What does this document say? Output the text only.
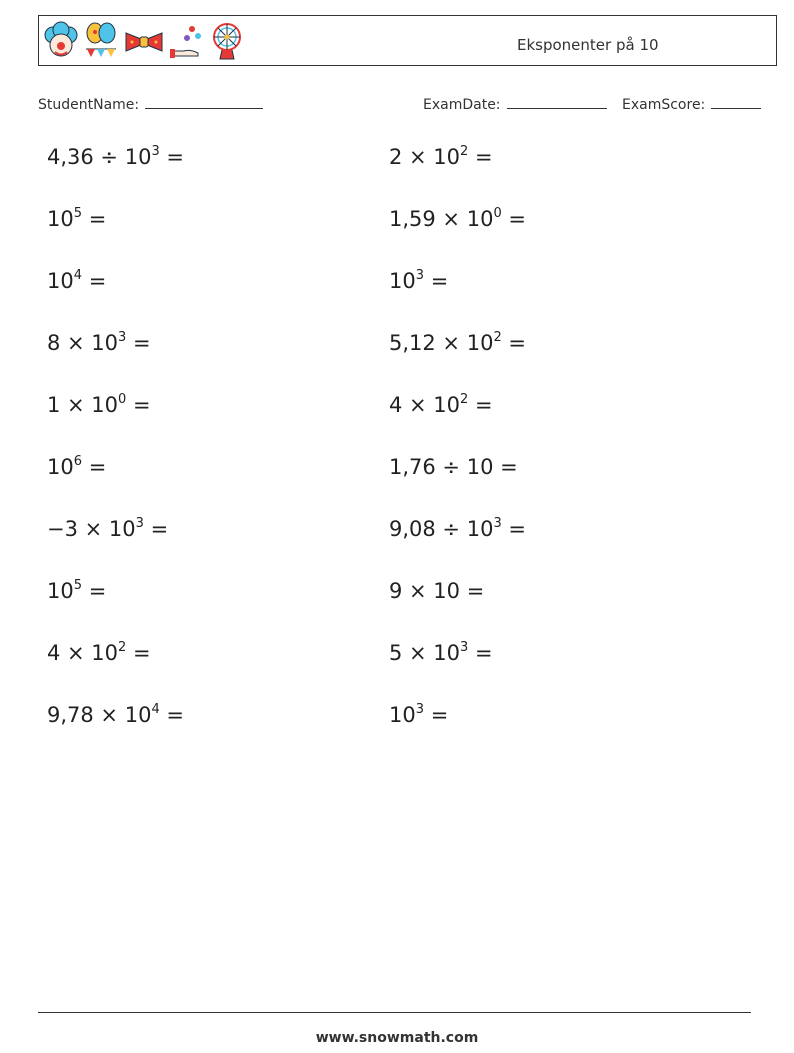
Eksponenter på 10
StudentName:	ExamDate:	ExamScore:
$4,36 \div 10^3$ =	$2 \times 10^2$ =
$10^5$ =	$1,59 \times 10^0$ =
$10^4$ =	$10^3$ =
$8 \times 10^3$ =	$5,12 \times 10^2$ =
$1 \times 10^0$ =	$4 \times 10^2$ =
$10^6$ =	1,76 ÷ 10 =
$-3 \times 10^3$ =	$9,08 \div 10^3$ =
$10^5$ =	9 × 10 =
$4 \times 10^2$ =	$5 \times 10^3$ =
$9,78 \times 10^4$ =	$10^3$ =
www.snowmath.com
